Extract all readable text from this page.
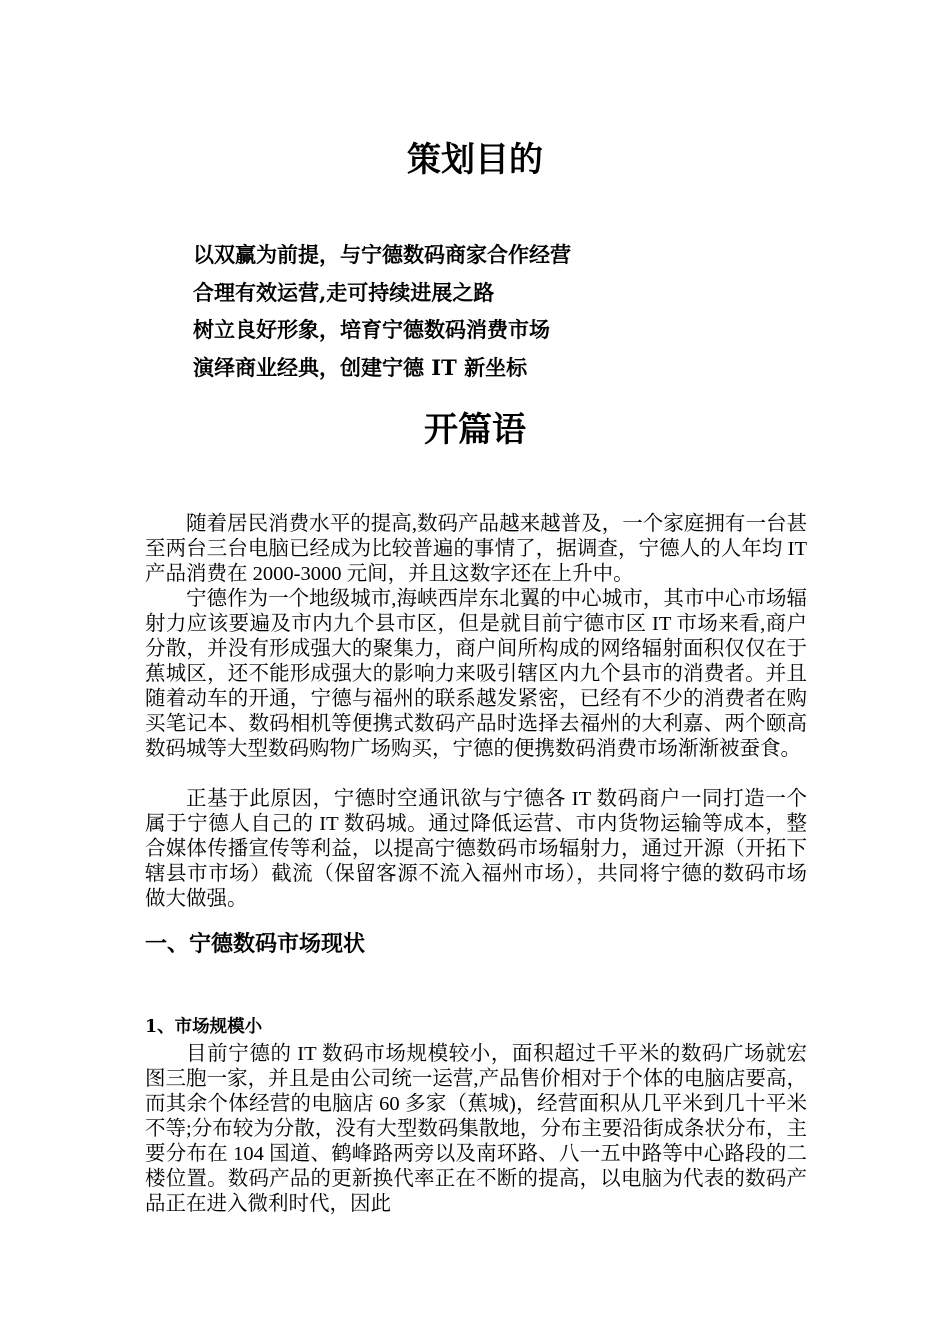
策划目的
以双赢为前提，与宁德数码商家合作经营
合理有效运营,走可持续进展之路
树立良好形象，培育宁德数码消费市场
演绎商业经典，创建宁德 IT 新坐标
开篇语

随着居民消费水平的提高,数码产品越来越普及，一个家庭拥有一台甚至两台三台电脑已经成为比较普遍的事情了，据调查，宁德人的人年均 IT 产品消费在 2000-3000 元间，并且这数字还在上升中。

宁德作为一个地级城市,海峡西岸东北翼的中心城市，其市中心市场辐射力应该要遍及市内九个县市区，但是就目前宁德市区 IT 市场来看,商户分散，并没有形成强大的聚集力，商户间所构成的网络辐射面积仅仅在于蕉城区，还不能形成强大的影响力来吸引辖区内九个县市的消费者。并且随着动车的开通，宁德与福州的联系越发紧密，已经有不少的消费者在购买笔记本、数码相机等便携式数码产品时选择去福州的大利嘉、两个颐高数码城等大型数码购物广场购买，宁德的便携数码消费市场渐渐被蚕食。

正基于此原因，宁德时空通讯欲与宁德各 IT 数码商户一同打造一个属于宁德人自己的 IT 数码城。通过降低运营、市内货物运输等成本，整合媒体传播宣传等利益，以提高宁德数码市场辐射力，通过开源（开拓下辖县市市场）截流（保留客源不流入福州市场），共同将宁德的数码市场做大做强。

一、宁德数码市场现状
1、市场规模小

目前宁德的 IT 数码市场规模较小，面积超过千平米的数码广场就宏图三胞一家，并且是由公司统一运营,产品售价相对于个体的电脑店要高，而其余个体经营的电脑店 60 多家（蕉城)，经营面积从几平米到几十平米不等;分布较为分散，没有大型数码集散地，分布主要沿街成条状分布，主要分布在 104 国道、鹤峰路两旁以及南环路、八一五中路等中心路段的二楼位置。数码产品的更新换代率正在不断的提高，以电脑为代表的数码产品正在进入微利时代，因此
